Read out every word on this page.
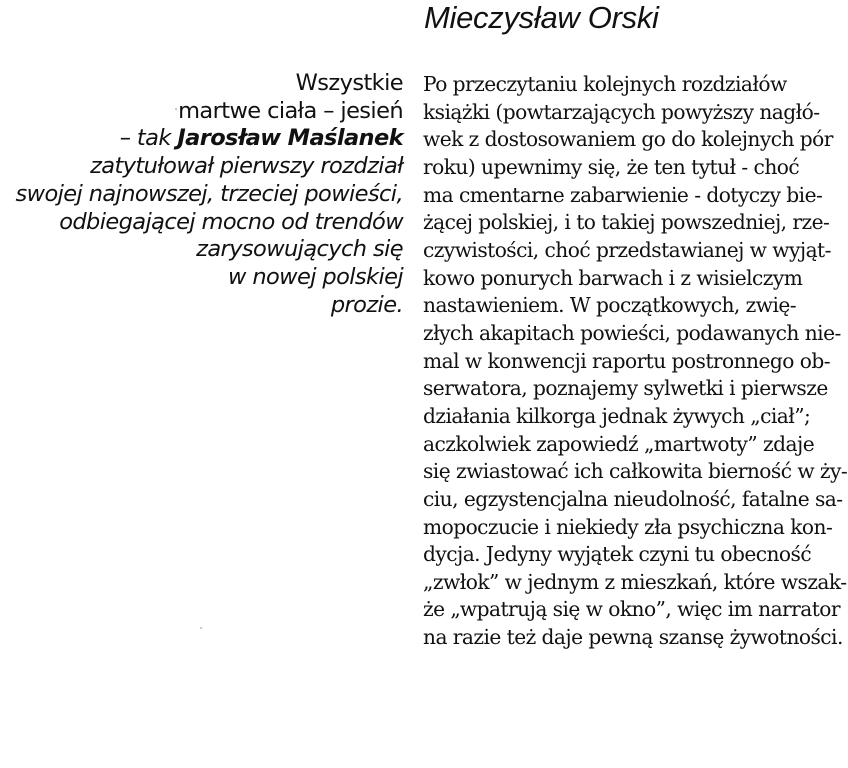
Mieczysław Orski
Wszystkie
martwe ciała – jesień
– tak Jarosław Maślanek
zatytułował pierwszy rozdział
swojej najnowszej, trzeciej powieści,
odbiegającej mocno od trendów
zarysowujących się
w nowej polskiej
prozie.
Po przeczytaniu kolejnych rozdziałów
książki (powtarzających powyższy nagłó-
wek z dostosowaniem go do kolejnych pór
roku) upewnimy się, że ten tytuł - choć
ma cmentarne zabarwienie - dotyczy bie-
żącej polskiej, i to takiej powszedniej, rze-
czywistości, choć przedstawianej w wyjąt-
kowo ponurych barwach i z wisielczym
nastawieniem. W początkowych, zwię-
złych akapitach powieści, podawanych nie-
mal w konwencji raportu postronnego ob-
serwatora, poznajemy sylwetki i pierwsze
działania kilkorga jednak żywych „ciał”;
aczkolwiek zapowiedź „martwoty” zdaje
się zwiastować ich całkowita bierność w ży-
ciu, egzystencjalna nieudolność, fatalne sa-
mopoczucie i niekiedy zła psychiczna kon-
dycja. Jedyny wyjątek czyni tu obecność
„zwłok” w jednym z mieszkań, które wszak-
że „wpatrują się w okno”, więc im narrator
na razie też daje pewną szansę żywotności.
